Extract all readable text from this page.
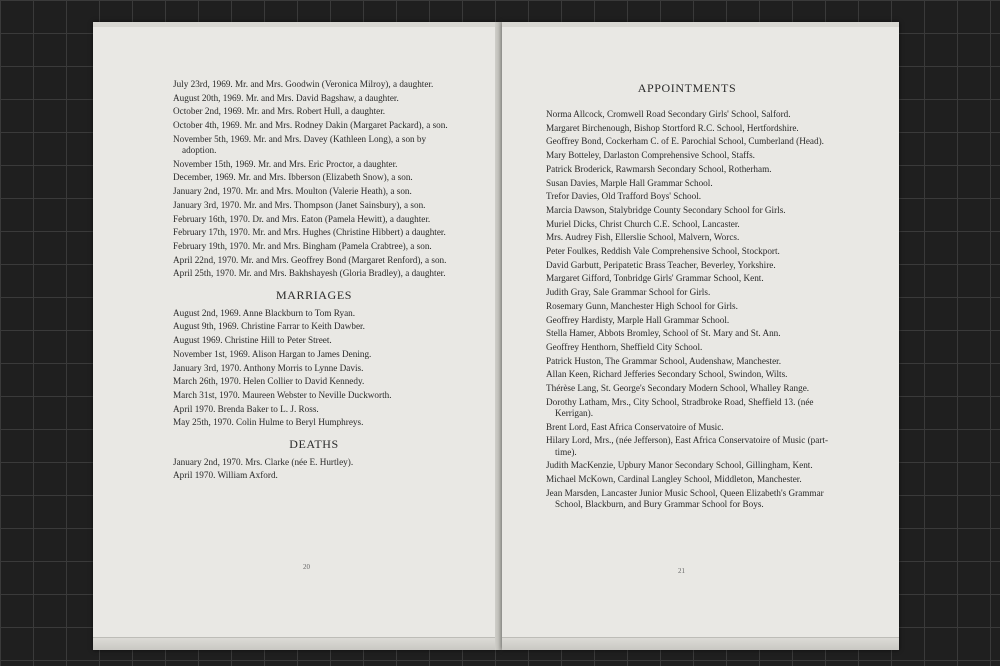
July 23rd, 1969. Mr. and Mrs. Goodwin (Veronica Milroy), a daughter.
August 20th, 1969. Mr. and Mrs. David Bagshaw, a daughter.
October 2nd, 1969. Mr. and Mrs. Robert Hull, a daughter.
October 4th, 1969. Mr. and Mrs. Rodney Dakin (Margaret Packard), a son.
November 5th, 1969. Mr. and Mrs. Davey (Kathleen Long), a son by adoption.
November 15th, 1969. Mr. and Mrs. Eric Proctor, a daughter.
December, 1969. Mr. and Mrs. Ibberson (Elizabeth Snow), a son.
January 2nd, 1970. Mr. and Mrs. Moulton (Valerie Heath), a son.
January 3rd, 1970. Mr. and Mrs. Thompson (Janet Sainsbury), a son.
February 16th, 1970. Dr. and Mrs. Eaton (Pamela Hewitt), a daughter.
February 17th, 1970. Mr. and Mrs. Hughes (Christine Hibbert) a daughter.
February 19th, 1970. Mr. and Mrs. Bingham (Pamela Crabtree), a son.
April 22nd, 1970. Mr. and Mrs. Geoffrey Bond (Margaret Renford), a son.
April 25th, 1970. Mr. and Mrs. Bakhshayesh (Gloria Bradley), a daughter.
MARRIAGES
August 2nd, 1969. Anne Blackburn to Tom Ryan.
August 9th, 1969. Christine Farrar to Keith Dawber.
August 1969. Christine Hill to Peter Street.
November 1st, 1969. Alison Hargan to James Dening.
January 3rd, 1970. Anthony Morris to Lynne Davis.
March 26th, 1970. Helen Collier to David Kennedy.
March 31st, 1970. Maureen Webster to Neville Duckworth.
April 1970. Brenda Baker to L. J. Ross.
May 25th, 1970. Colin Hulme to Beryl Humphreys.
DEATHS
January 2nd, 1970. Mrs. Clarke (née E. Hurtley).
April 1970. William Axford.
20
APPOINTMENTS
Norma Allcock, Cromwell Road Secondary Girls' School, Salford.
Margaret Birchenough, Bishop Stortford R.C. School, Hertfordshire.
Geoffrey Bond, Cockerham C. of E. Parochial School, Cumberland (Head).
Mary Botteley, Darlaston Comprehensive School, Staffs.
Patrick Broderick, Rawmarsh Secondary School, Rotherham.
Susan Davies, Marple Hall Grammar School.
Trefor Davies, Old Trafford Boys' School.
Marcia Dawson, Stalybridge County Secondary School for Girls.
Muriel Dicks, Christ Church C.E. School, Lancaster.
Mrs. Audrey Fish, Ellerslie School, Malvern, Worcs.
Peter Foulkes, Reddish Vale Comprehensive School, Stockport.
David Garbutt, Peripatetic Brass Teacher, Beverley, Yorkshire.
Margaret Gifford, Tonbridge Girls' Grammar School, Kent.
Judith Gray, Sale Grammar School for Girls.
Rosemary Gunn, Manchester High School for Girls.
Geoffrey Hardisty, Marple Hall Grammar School.
Stella Hamer, Abbots Bromley, School of St. Mary and St. Ann.
Geoffrey Henthorn, Sheffield City School.
Patrick Huston, The Grammar School, Audenshaw, Manchester.
Allan Keen, Richard Jefferies Secondary School, Swindon, Wilts.
Thérèse Lang, St. George's Secondary Modern School, Whalley Range.
Dorothy Latham, Mrs., City School, Stradbroke Road, Sheffield 13. (née Kerrigan).
Brent Lord, East Africa Conservatoire of Music.
Hilary Lord, Mrs., (née Jefferson), East Africa Conservatoire of Music (part-time).
Judith MacKenzie, Upbury Manor Secondary School, Gillingham, Kent.
Michael McKown, Cardinal Langley School, Middleton, Manchester.
Jean Marsden, Lancaster Junior Music School, Queen Elizabeth's Grammar School, Blackburn, and Bury Grammar School for Boys.
21
